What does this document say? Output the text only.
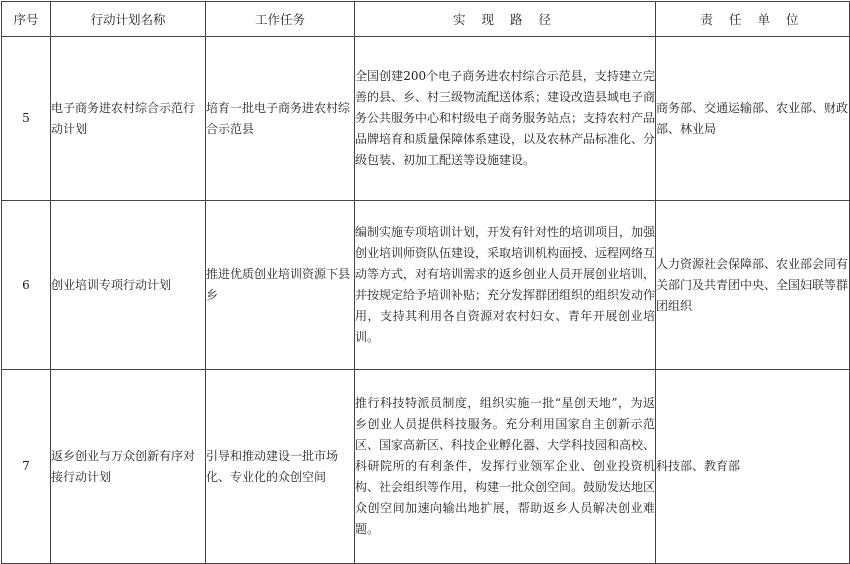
序号	行动计划名称	工作任务	实 现 路 径	责 任 单 位
5	电子商务进农村综合示范行动计划	培育一批电子商务进农村综合示范县	全国创建200个电子商务进农村综合示范县，支持建立完善的县、乡、村三级物流配送体系；建设改造县域电子商务公共服务中心和村级电子商务服务站点；支持农村产品品牌培育和质量保障体系建设，以及农林产品标准化、分级包装、初加工配送等设施建设。	商务部、交通运输部、农业部、财政部、林业局
6	创业培训专项行动计划	推进优质创业培训资源下县乡	编制实施专项培训计划，开发有针对性的培训项目，加强创业培训师资队伍建设，采取培训机构面授、远程网络互动等方式，对有培训需求的返乡创业人员开展创业培训，并按规定给予培训补贴；充分发挥群团组织的组织发动作用，支持其利用各自资源对农村妇女、青年开展创业培训。	人力资源社会保障部、农业部会同有关部门及共青团中央、全国妇联等群团组织
7	返乡创业与万众创新有序对接行动计划	引导和推动建设一批市场化、专业化的众创空间	推行科技特派员制度，组织实施一批“星创天地”，为返乡创业人员提供科技服务。充分利用国家自主创新示范区、国家高新区、科技企业孵化器、大学科技园和高校、科研院所的有利条件，发挥行业领军企业、创业投资机构、社会组织等作用，构建一批众创空间。鼓励发达地区众创空间加速向输出地扩展，帮助返乡人员解决创业难题。	科技部、教育部
